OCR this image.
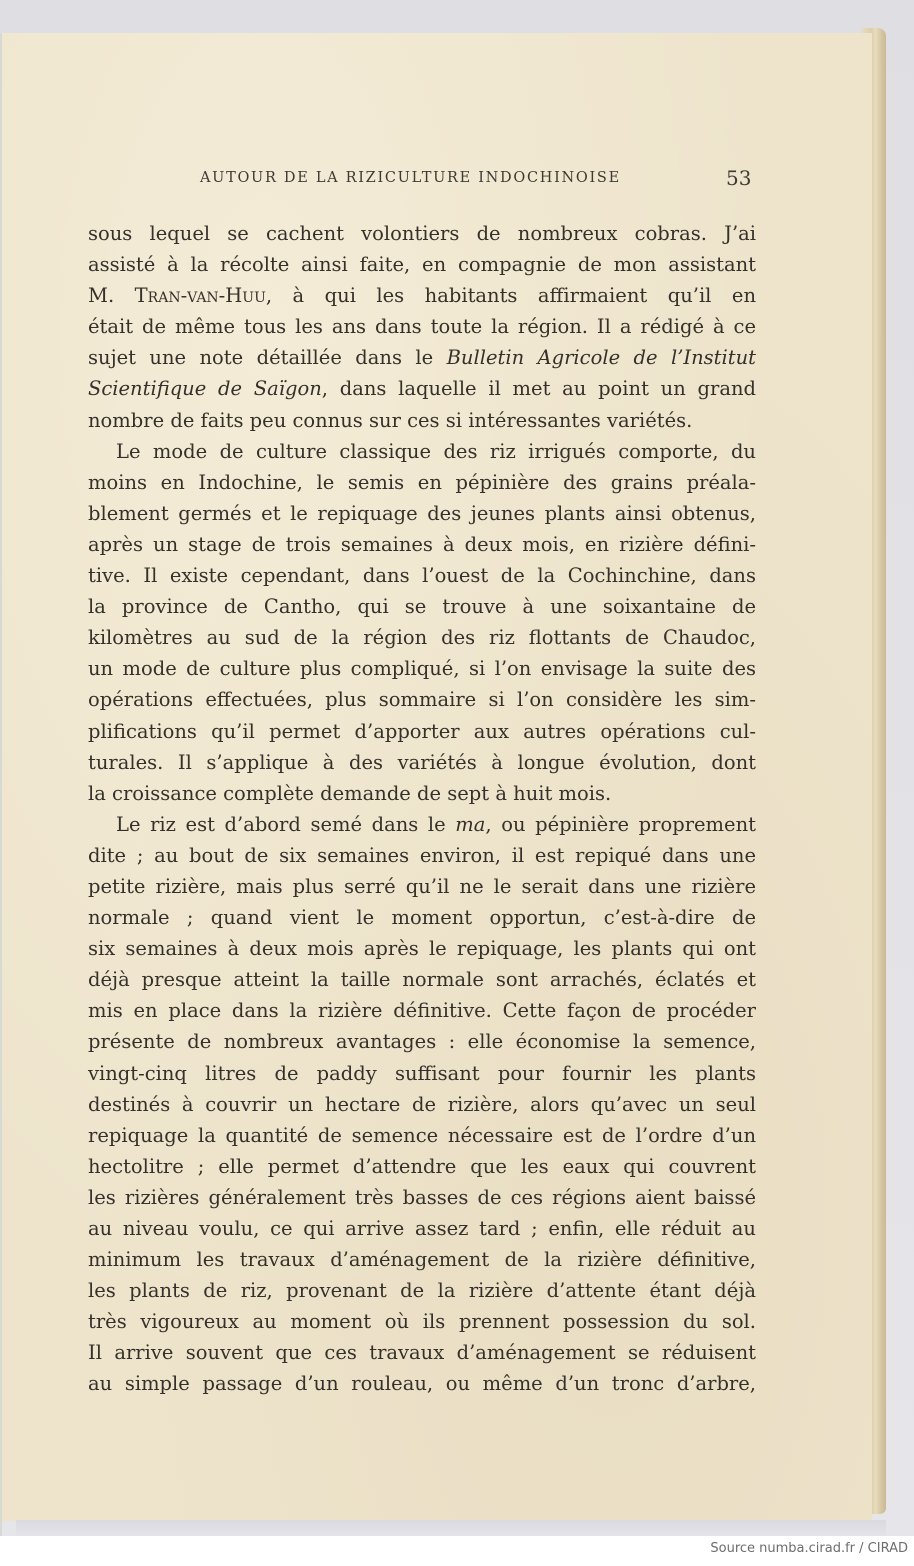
AUTOUR DE LA RIZICULTURE INDOCHINOISE	53
sous lequel se cachent volontiers de nombreux cobras. J’ai
assisté à la récolte ainsi faite, en compagnie de mon assistant
M. Tran-van-Huu, à qui les habitants affirmaient qu’il en
était de même tous les ans dans toute la région. Il a rédigé à ce
sujet une note détaillée dans le Bulletin Agricole de l’Institut
Scientifique de Saïgon, dans laquelle il met au point un grand
nombre de faits peu connus sur ces si intéressantes variétés.
Le mode de culture classique des riz irrigués comporte, du
moins en Indochine, le semis en pépinière des grains préala-
blement germés et le repiquage des jeunes plants ainsi obtenus,
après un stage de trois semaines à deux mois, en rizière défini-
tive. Il existe cependant, dans l’ouest de la Cochinchine, dans
la province de Cantho, qui se trouve à une soixantaine de
kilomètres au sud de la région des riz flottants de Chaudoc,
un mode de culture plus compliqué, si l’on envisage la suite des
opérations effectuées, plus sommaire si l’on considère les sim-
plifications qu’il permet d’apporter aux autres opérations cul-
turales. Il s’applique à des variétés à longue évolution, dont
la croissance complète demande de sept à huit mois.
Le riz est d’abord semé dans le ma, ou pépinière proprement
dite ; au bout de six semaines environ, il est repiqué dans une
petite rizière, mais plus serré qu’il ne le serait dans une rizière
normale ; quand vient le moment opportun, c’est-à-dire de
six semaines à deux mois après le repiquage, les plants qui ont
déjà presque atteint la taille normale sont arrachés, éclatés et
mis en place dans la rizière définitive. Cette façon de procéder
présente de nombreux avantages : elle économise la semence,
vingt-cinq litres de paddy suffisant pour fournir les plants
destinés à couvrir un hectare de rizière, alors qu’avec un seul
repiquage la quantité de semence nécessaire est de l’ordre d’un
hectolitre ; elle permet d’attendre que les eaux qui couvrent
les rizières généralement très basses de ces régions aient baissé
au niveau voulu, ce qui arrive assez tard ; enfin, elle réduit au
minimum les travaux d’aménagement de la rizière définitive,
les plants de riz, provenant de la rizière d’attente étant déjà
très vigoureux au moment où ils prennent possession du sol.
Il arrive souvent que ces travaux d’aménagement se réduisent
au simple passage d’un rouleau, ou même d’un tronc d’arbre,
Source numba.cirad.fr / CIRAD
